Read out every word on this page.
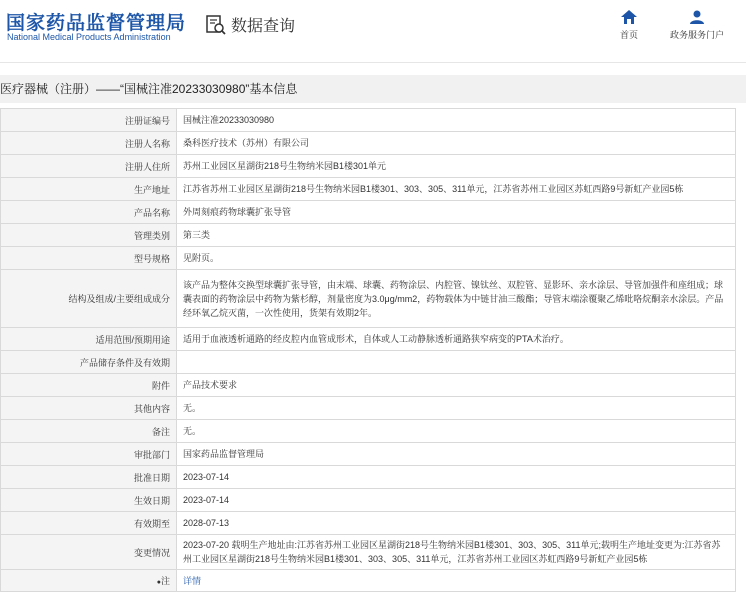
国家药品监督管理局
National Medical Products Administration
数据查询	首页	政务服务门户
医疗器械（注册）——“国械注准20233030980”基本信息
注册证编号	国械注准20233030980
注册人名称	桑科医疗技术（苏州）有限公司
注册人住所	苏州工业园区星湖街218号生物纳米园B1楼301单元
生产地址	江苏省苏州工业园区星湖街218号生物纳米园B1楼301、303、305、311单元，江苏省苏州工业园区苏虹西路9号新虹产业园5栋
产品名称	外周刻痕药物球囊扩张导管
管理类别	第三类
型号规格	见附页。
结构及组成/主要组成成分	该产品为整体交换型球囊扩张导管，由末端、球囊、药物涂层、内腔管、镍钛丝、双腔管、显影环、亲水涂层、导管加强件和座组成；球囊表面的药物涂层中药物为紫杉醇，剂量密度为3.0μg/mm2，药物载体为中链甘油三酸酯；导管末端涂覆聚乙烯吡咯烷酮亲水涂层。产品经环氧乙烷灭菌，一次性使用，货架有效期2年。
适用范围/预期用途	适用于血液透析通路的经皮腔内血管成形术，自体或人工动静脉透析通路狭窄病变的PTA术治疗。
产品储存条件及有效期	
附件	产品技术要求
其他内容	无。
备注	无。
审批部门	国家药品监督管理局
批准日期	2023-07-14
生效日期	2023-07-14
有效期至	2028-07-13
变更情况	2023-07-20 载明生产地址由:江苏省苏州工业园区星湖街218号生物纳米园B1楼301、303、305、311单元;载明生产地址变更为:江苏省苏州工业园区星湖街218号生物纳米园B1楼301、303、305、311单元，江苏省苏州工业园区苏虹西路9号新虹产业园5栋
●注	详情
